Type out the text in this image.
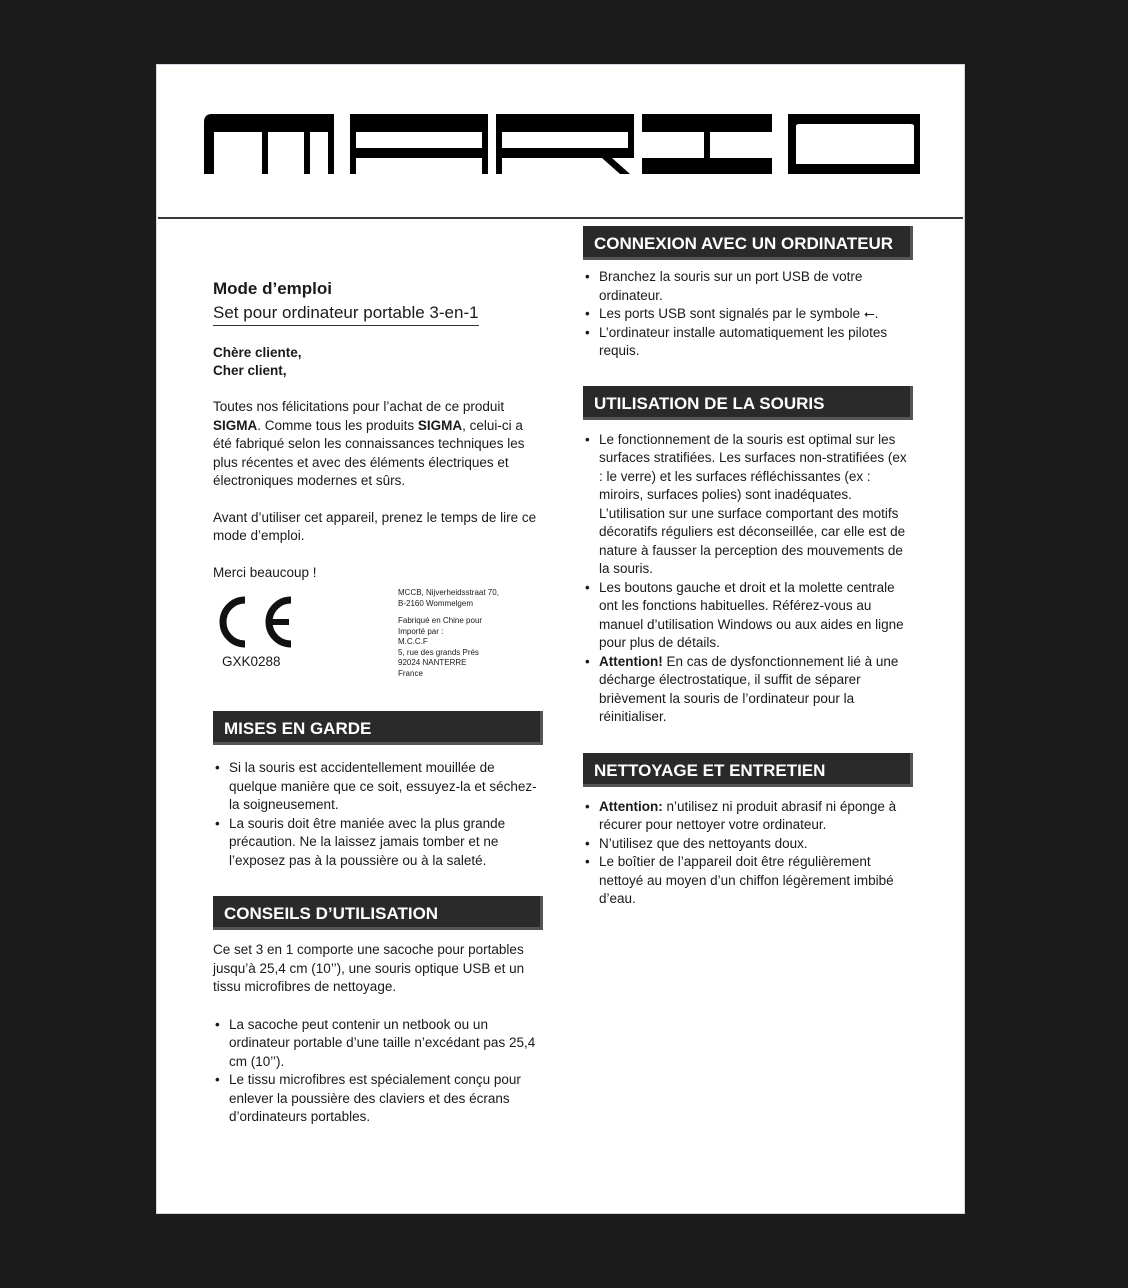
Mode d’emploi
Set pour ordinateur portable 3-en-1
Chère cliente,
Cher client,

Toutes nos félicitations pour l’achat de ce produit SIGMA. Comme tous les produits SIGMA, celui-ci a été fabriqué selon les connaissances techniques les plus récentes et avec des éléments électriques et électroniques modernes et sûrs.

Avant d’utiliser cet appareil, prenez le temps de lire ce mode d’emploi.

Merci beaucoup !

GXK0288
MCCB, Nijverheidsstraat 70,
B-2160 Wommelgem
Fabriqué en Chine pour
Importé par :
M.C.C.F
5, rue des grands Prés
92024 NANTERRE
France
MISES EN GARDE
• Si la souris est accidentellement mouillée de quelque manière que ce soit, essuyez-la et séchez-la soigneusement.
• La souris doit être maniée avec la plus grande précaution. Ne la laissez jamais tomber et ne l’exposez pas à la poussière ou à la saleté.
CONSEILS D’UTILISATION

Ce set 3 en 1 comporte une sacoche pour portables jusqu’à 25,4 cm (10’’), une souris optique USB et un tissu microfibres de nettoyage.

• La sacoche peut contenir un netbook ou un ordinateur portable d’une taille n’excédant pas 25,4 cm (10’’).
• Le tissu microfibres est spécialement conçu pour enlever la poussière des claviers et des écrans d’ordinateurs portables.
CONNEXION AVEC UN ORDINATEUR
• Branchez la souris sur un port USB de votre ordinateur.
• Les ports USB sont signalés par le symbole ⭠.
• L’ordinateur installe automatiquement les pilotes requis.
UTILISATION DE LA SOURIS
• Le fonctionnement de la souris est optimal sur les surfaces stratifiées. Les surfaces non-stratifiées (ex : le verre) et les surfaces réfléchissantes (ex : miroirs, surfaces polies) sont inadéquates. L’utilisation sur une surface comportant des motifs décoratifs réguliers est déconseillée, car elle est de nature à fausser la perception des mouvements de la souris.
• Les boutons gauche et droit et la molette centrale ont les fonctions habituelles. Référez-vous au manuel d’utilisation Windows ou aux aides en ligne pour plus de détails.
• Attention! En cas de dysfonctionnement lié à une décharge électrostatique, il suffit de séparer brièvement la souris de l’ordinateur pour la réinitialiser.
NETTOYAGE ET ENTRETIEN
• Attention: n’utilisez ni produit abrasif ni éponge à récurer pour nettoyer votre ordinateur.
• N’utilisez que des nettoyants doux.
• Le boîtier de l’appareil doit être régulièrement nettoyé au moyen d’un chiffon légèrement imbibé d’eau.
